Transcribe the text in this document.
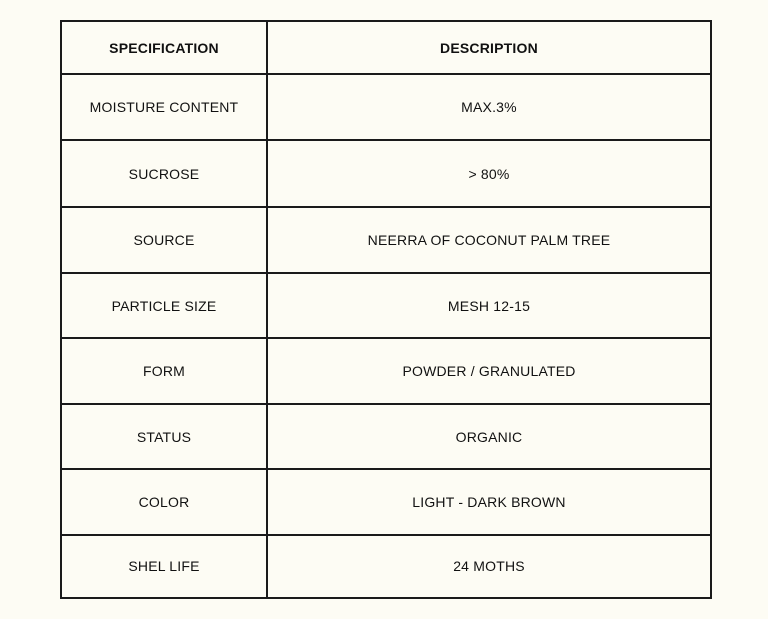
SPECIFICATION	DESCRIPTION
MOISTURE CONTENT	MAX.3%
SUCROSE	> 80%
SOURCE	NEERRA OF COCONUT PALM TREE
PARTICLE SIZE	MESH 12-15
FORM	POWDER / GRANULATED
STATUS	ORGANIC
COLOR	LIGHT - DARK BROWN
SHEL LIFE	24 MOTHS
